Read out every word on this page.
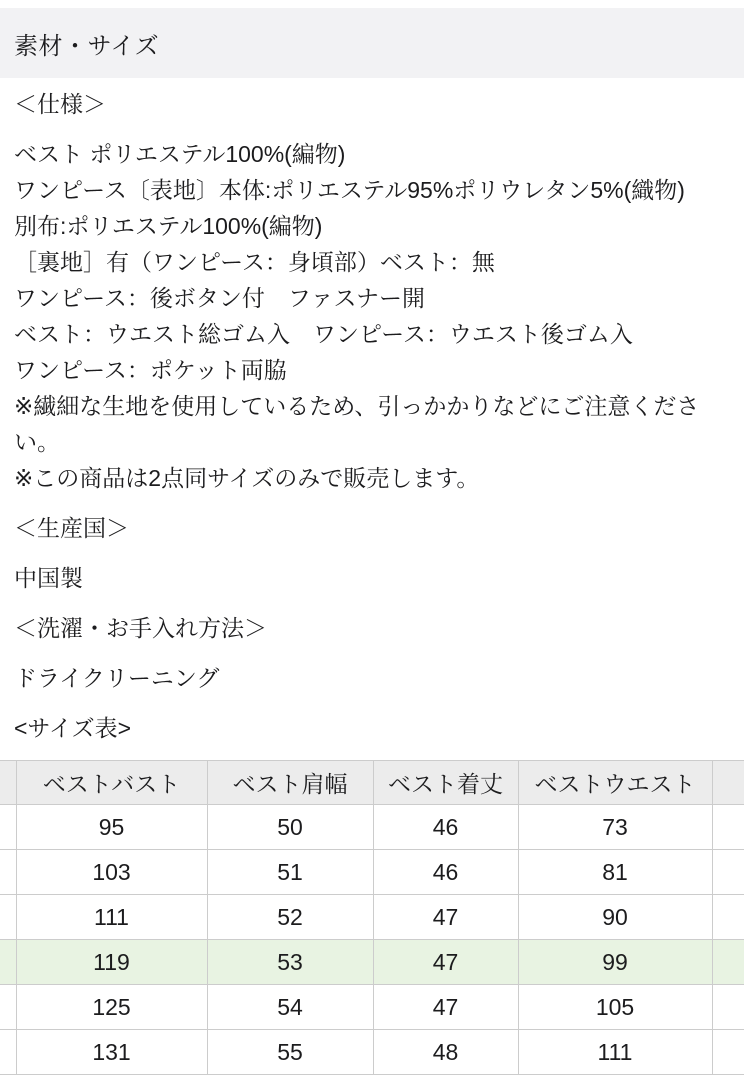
素材・サイズ

＜仕様＞

ベスト ポリエステル100%(編物)
ワンピース〔表地〕本体:ポリエステル95%ポリウレタン5%(織物)
別布:ポリエステル100%(編物)
［裏地］有（ワンピース：身頃部）ベスト：無
ワンピース：後ボタン付　ファスナー開
ベスト：ウエスト総ゴム入　ワンピース：ウエスト後ゴム入
ワンピース：ポケット両脇
※繊細な生地を使用しているため、引っかかりなどにご注意ください。
※この商品は2点同サイズのみで販売します。

＜生産国＞

中国製

＜洗濯・お手入れ方法＞

ドライクリーニング

<サイズ表>

	ベストバスト	ベスト肩幅	ベスト着丈	ベストウエスト	
	95	50	46	73	
	103	51	46	81	
	111	52	47	90	
	119	53	47	99	
	125	54	47	105	
	131	55	48	111	
